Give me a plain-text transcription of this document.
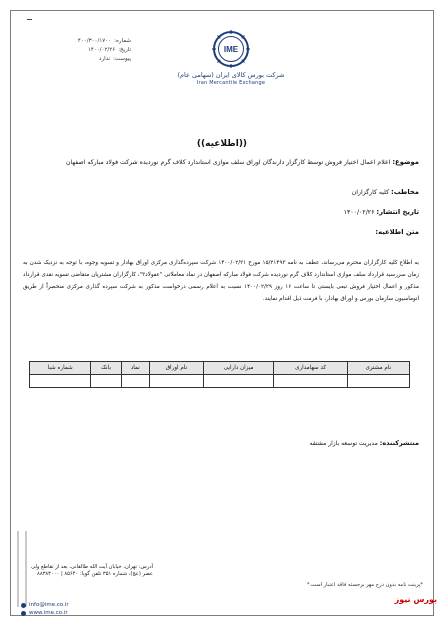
شماره:
۴۰۰/۳۰۰/۱۷۰۰
تاریخ:
۱۴۰۰/۰۲/۲۶
پیوست:
ندارد
IME
شرکت بورس کالای ایران (سهامی عام)
Iran Mercantile Exchange
((اطلاعیه))
موضوع: اعلام اعمال اختیار فروش توسط کارگزار دارندگان اوراق سلف موازی استاندارد کلاف گرم نوردیده شرکت فولاد مبارکه اصفهان
مخاطب: کلیه کارگزاران
تاریخ انتشار: ۱۴۰۰/۰۲/۲۶
متن اطلاعیه:
به اطلاع کلیه کارگزاران محترم می‌رساند، عطف به نامه ۱۵/۲۱۴۹۳ مورخ ۱۴۰۰/۰۲/۲۱ شرکت سپرده‌گذاری مرکزی اوراق بهادار و تسویه وجوه، با توجه به نزدیک شدن به زمان سررسید قرارداد سلف موازی استاندارد کلاف گرم نوردیده شرکت فولاد مبارکه اصفهان در نماد معاملاتی "عفولاد۳"، کارگزاران مشتریان متقاضی تسویه نقدی قرارداد مذکور و اعمال اختیار فروش تبعی بایستی تا ساعت ۱۶ روز ۱۴۰۰/۰۲/۲۹ نسبت به اعلام رسمی درخواست مذکور به شرکت سپرده گذاری مرکزی منحصراً از طریق اتوماسیون سازمان بورس و اوراق بهادار، با فرمت ذیل اقدام نمایند.
نام مشتری	کد سهامداری	میزان دارایی	نام اوراق	نماد	بانک	شماره شبا

منتشرکننده: مدیریت توسعه بازار مشتقه
آدرس: تهران، خیابان آیت الله طالقانی، بعد از تقاطع ولی عصر (عج)، شماره ۳۵۱ تلفن گویا: ۸۵۶۴۰ | ۸۸۳۸۳۰۰۰
*پرینت نامه بدون درج مهر برجسته فاقد اعتبار است.*
info@ime.co.ir
www.ime.co.ir
بورس نیوز
